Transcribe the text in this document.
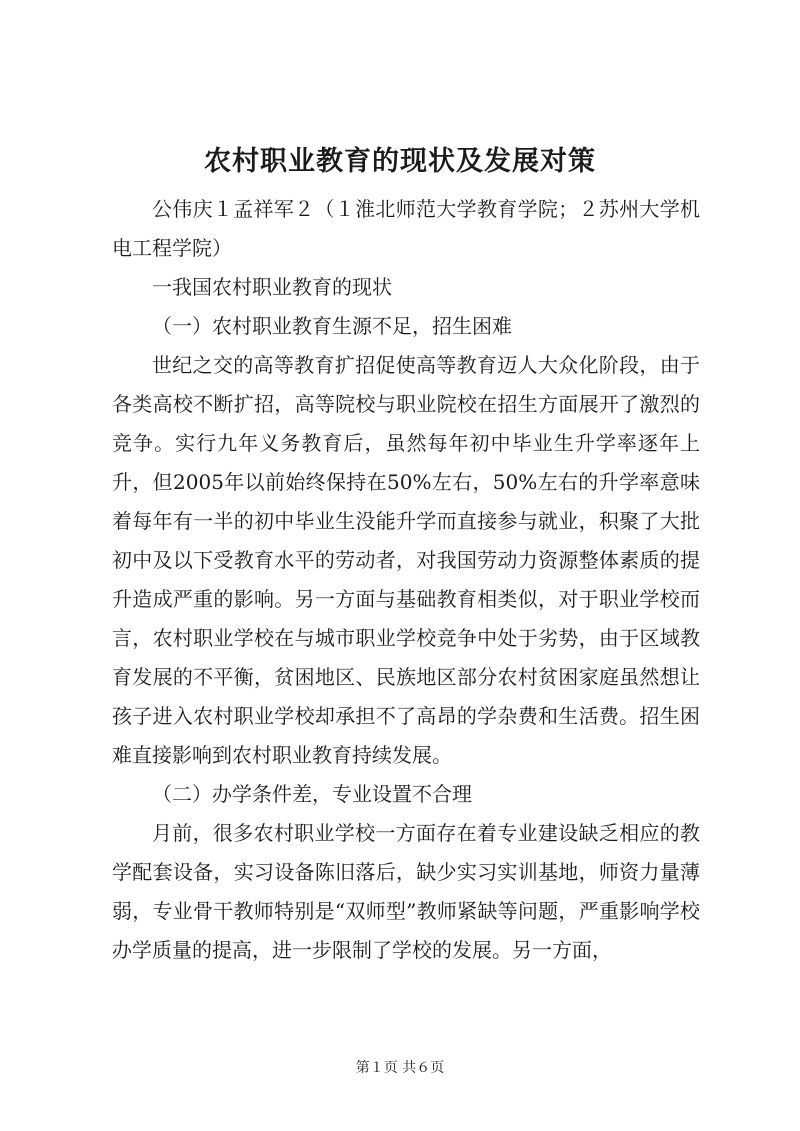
农村职业教育的现状及发展对策

公伟庆１孟祥军２（１淮北师范大学教育学院；２苏州大学机电工程学院）

一我国农村职业教育的现状

（一）农村职业教育生源不足，招生困难

世纪之交的高等教育扩招促使高等教育迈人大众化阶段，由于各类高校不断扩招，高等院校与职业院校在招生方面展开了激烈的竞争。实行九年义务教育后，虽然每年初中毕业生升学率逐年上升，但2005年以前始终保持在50%左右，50%左右的升学率意味着每年有一半的初中毕业生没能升学而直接参与就业，积聚了大批初中及以下受教育水平的劳动者，对我国劳动力资源整体素质的提升造成严重的影响。另一方面与基础教育相类似，对于职业学校而言，农村职业学校在与城市职业学校竞争中处于劣势，由于区域教育发展的不平衡，贫困地区、民族地区部分农村贫困家庭虽然想让孩子进入农村职业学校却承担不了高昂的学杂费和生活费。招生困难直接影响到农村职业教育持续发展。

（二）办学条件差，专业设置不合理

月前，很多农村职业学校一方面存在着专业建设缺乏相应的教学配套设备，实习设备陈旧落后，缺少实习实训基地，师资力量薄弱，专业骨干教师特别是“双师型”教师紧缺等问题，严重影响学校办学质量的提高，进一步限制了学校的发展。另一方面，

第１页 共６页
